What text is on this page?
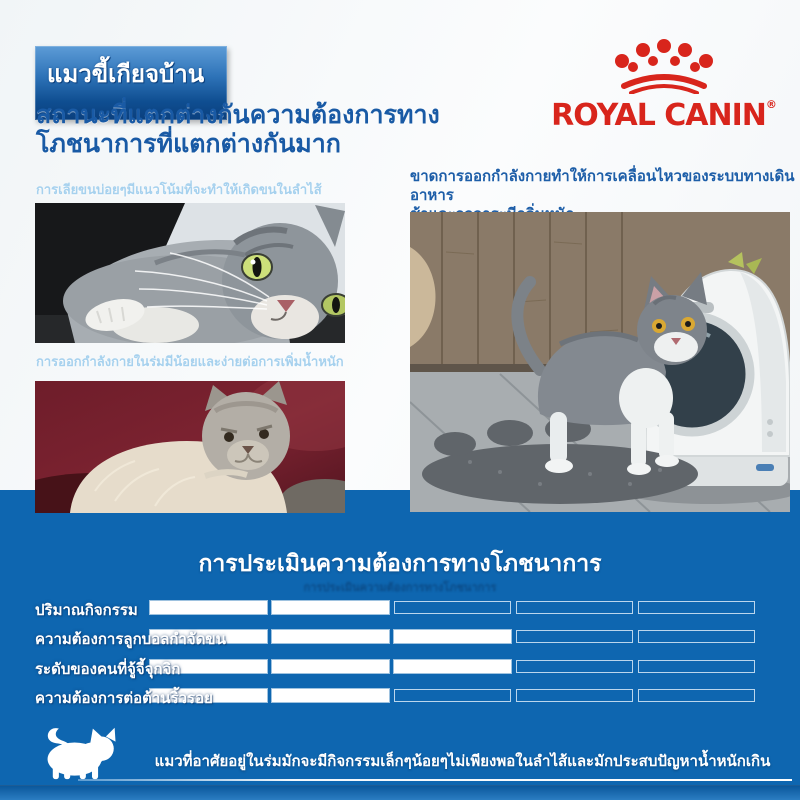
แมวขี้เกียจบ้าน
สถานะที่แตกต่างกันความต้องการทาง
โภชนาการที่แตกต่างกันมาก
ROYAL CANIN®
การเลียขนบ่อยๆมีแนวโน้มที่จะทำให้เกิดขนในลำไส้
ขาดการออกกำลังกายทำให้การเคลื่อนไหวของระบบทางเดินอาหาร
การออกกำลังกายในร่มมีน้อยและง่ายต่อการเพิ่มน้ำหนัก
การประเมินความต้องการทางโภชนาการ
การประเมินความต้องการทางโภชนาการ
ปริมาณกิจกรรม
ความต้องการลูกบอลกำจัดขน
ระดับของคนที่จู้จี้จุกจิก
ความต้องการต่อต้านริ้วรอย
แมวที่อาศัยอยู่ในร่มมักจะมีกิจกรรมเล็กๆน้อยๆไม่เพียงพอในลำไส้และมักประสบปัญหาน้ำหนักเกิน
